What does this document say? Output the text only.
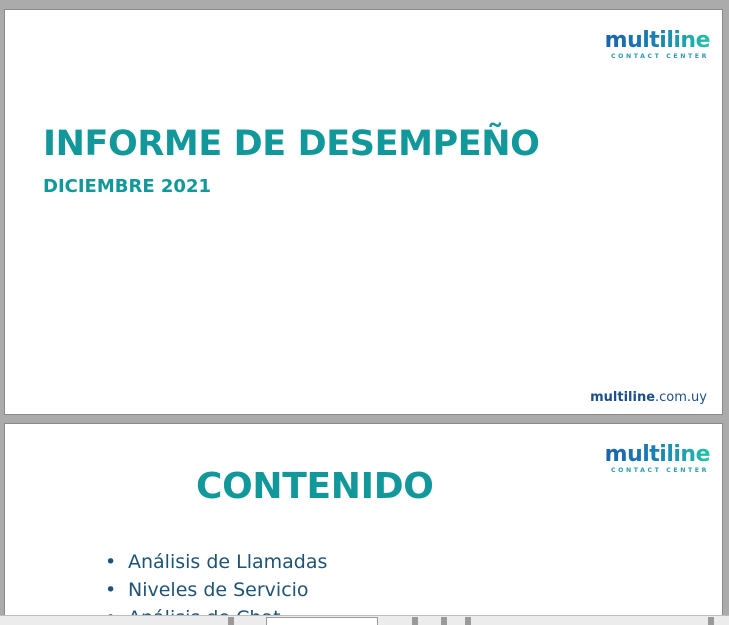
multiline
CONTACT CENTER
INFORME DE DESEMPEÑO
DICIEMBRE 2021
multiline.com.uy
multiline
CONTACT CENTER
CONTENIDO
• Análisis de Llamadas
• Niveles de Servicio
•
